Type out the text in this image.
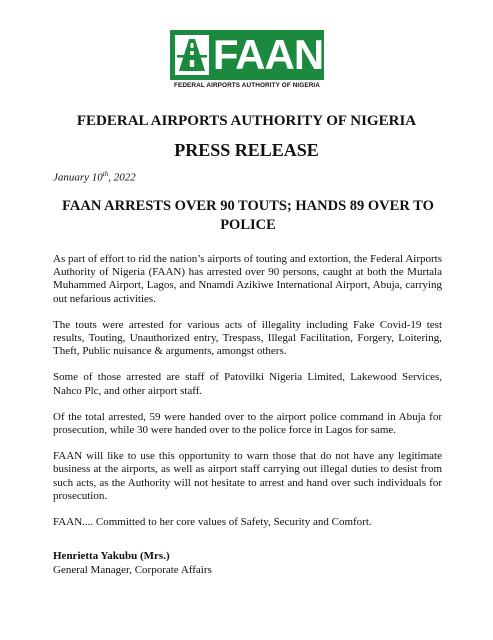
FAAN
FEDERAL AIRPORTS AUTHORITY OF NIGERIA
FEDERAL AIRPORTS AUTHORITY OF NIGERIA
PRESS RELEASE
January 10th, 2022
FAAN ARRESTS OVER 90 TOUTS; HANDS 89 OVER TO POLICE

As part of effort to rid the nation’s airports of touting and extortion, the Federal Airports Authority of Nigeria (FAAN) has arrested over 90 persons, caught at both the Murtala Muhammed Airport, Lagos, and Nnamdi Azikiwe International Airport, Abuja, carrying out nefarious activities.

The touts were arrested for various acts of illegality including Fake Covid-19 test results, Touting, Unauthorized entry, Trespass, Illegal Facilitation, Forgery, Loitering, Theft, Public nuisance & arguments, amongst others.

Some of those arrested are staff of Patovilki Nigeria Limited, Lakewood Services, Nahco Plc, and other airport staff.

Of the total arrested, 59 were handed over to the airport police command in Abuja for prosecution, while 30 were handed over to the police force in Lagos for same.

FAAN will like to use this opportunity to warn those that do not have any legitimate business at the airports, as well as airport staff carrying out illegal duties to desist from such acts, as the Authority will not hesitate to arrest and hand over such individuals for prosecution.

FAAN.... Committed to her core values of Safety, Security and Comfort.

Henrietta Yakubu (Mrs.)
General Manager, Corporate Affairs
